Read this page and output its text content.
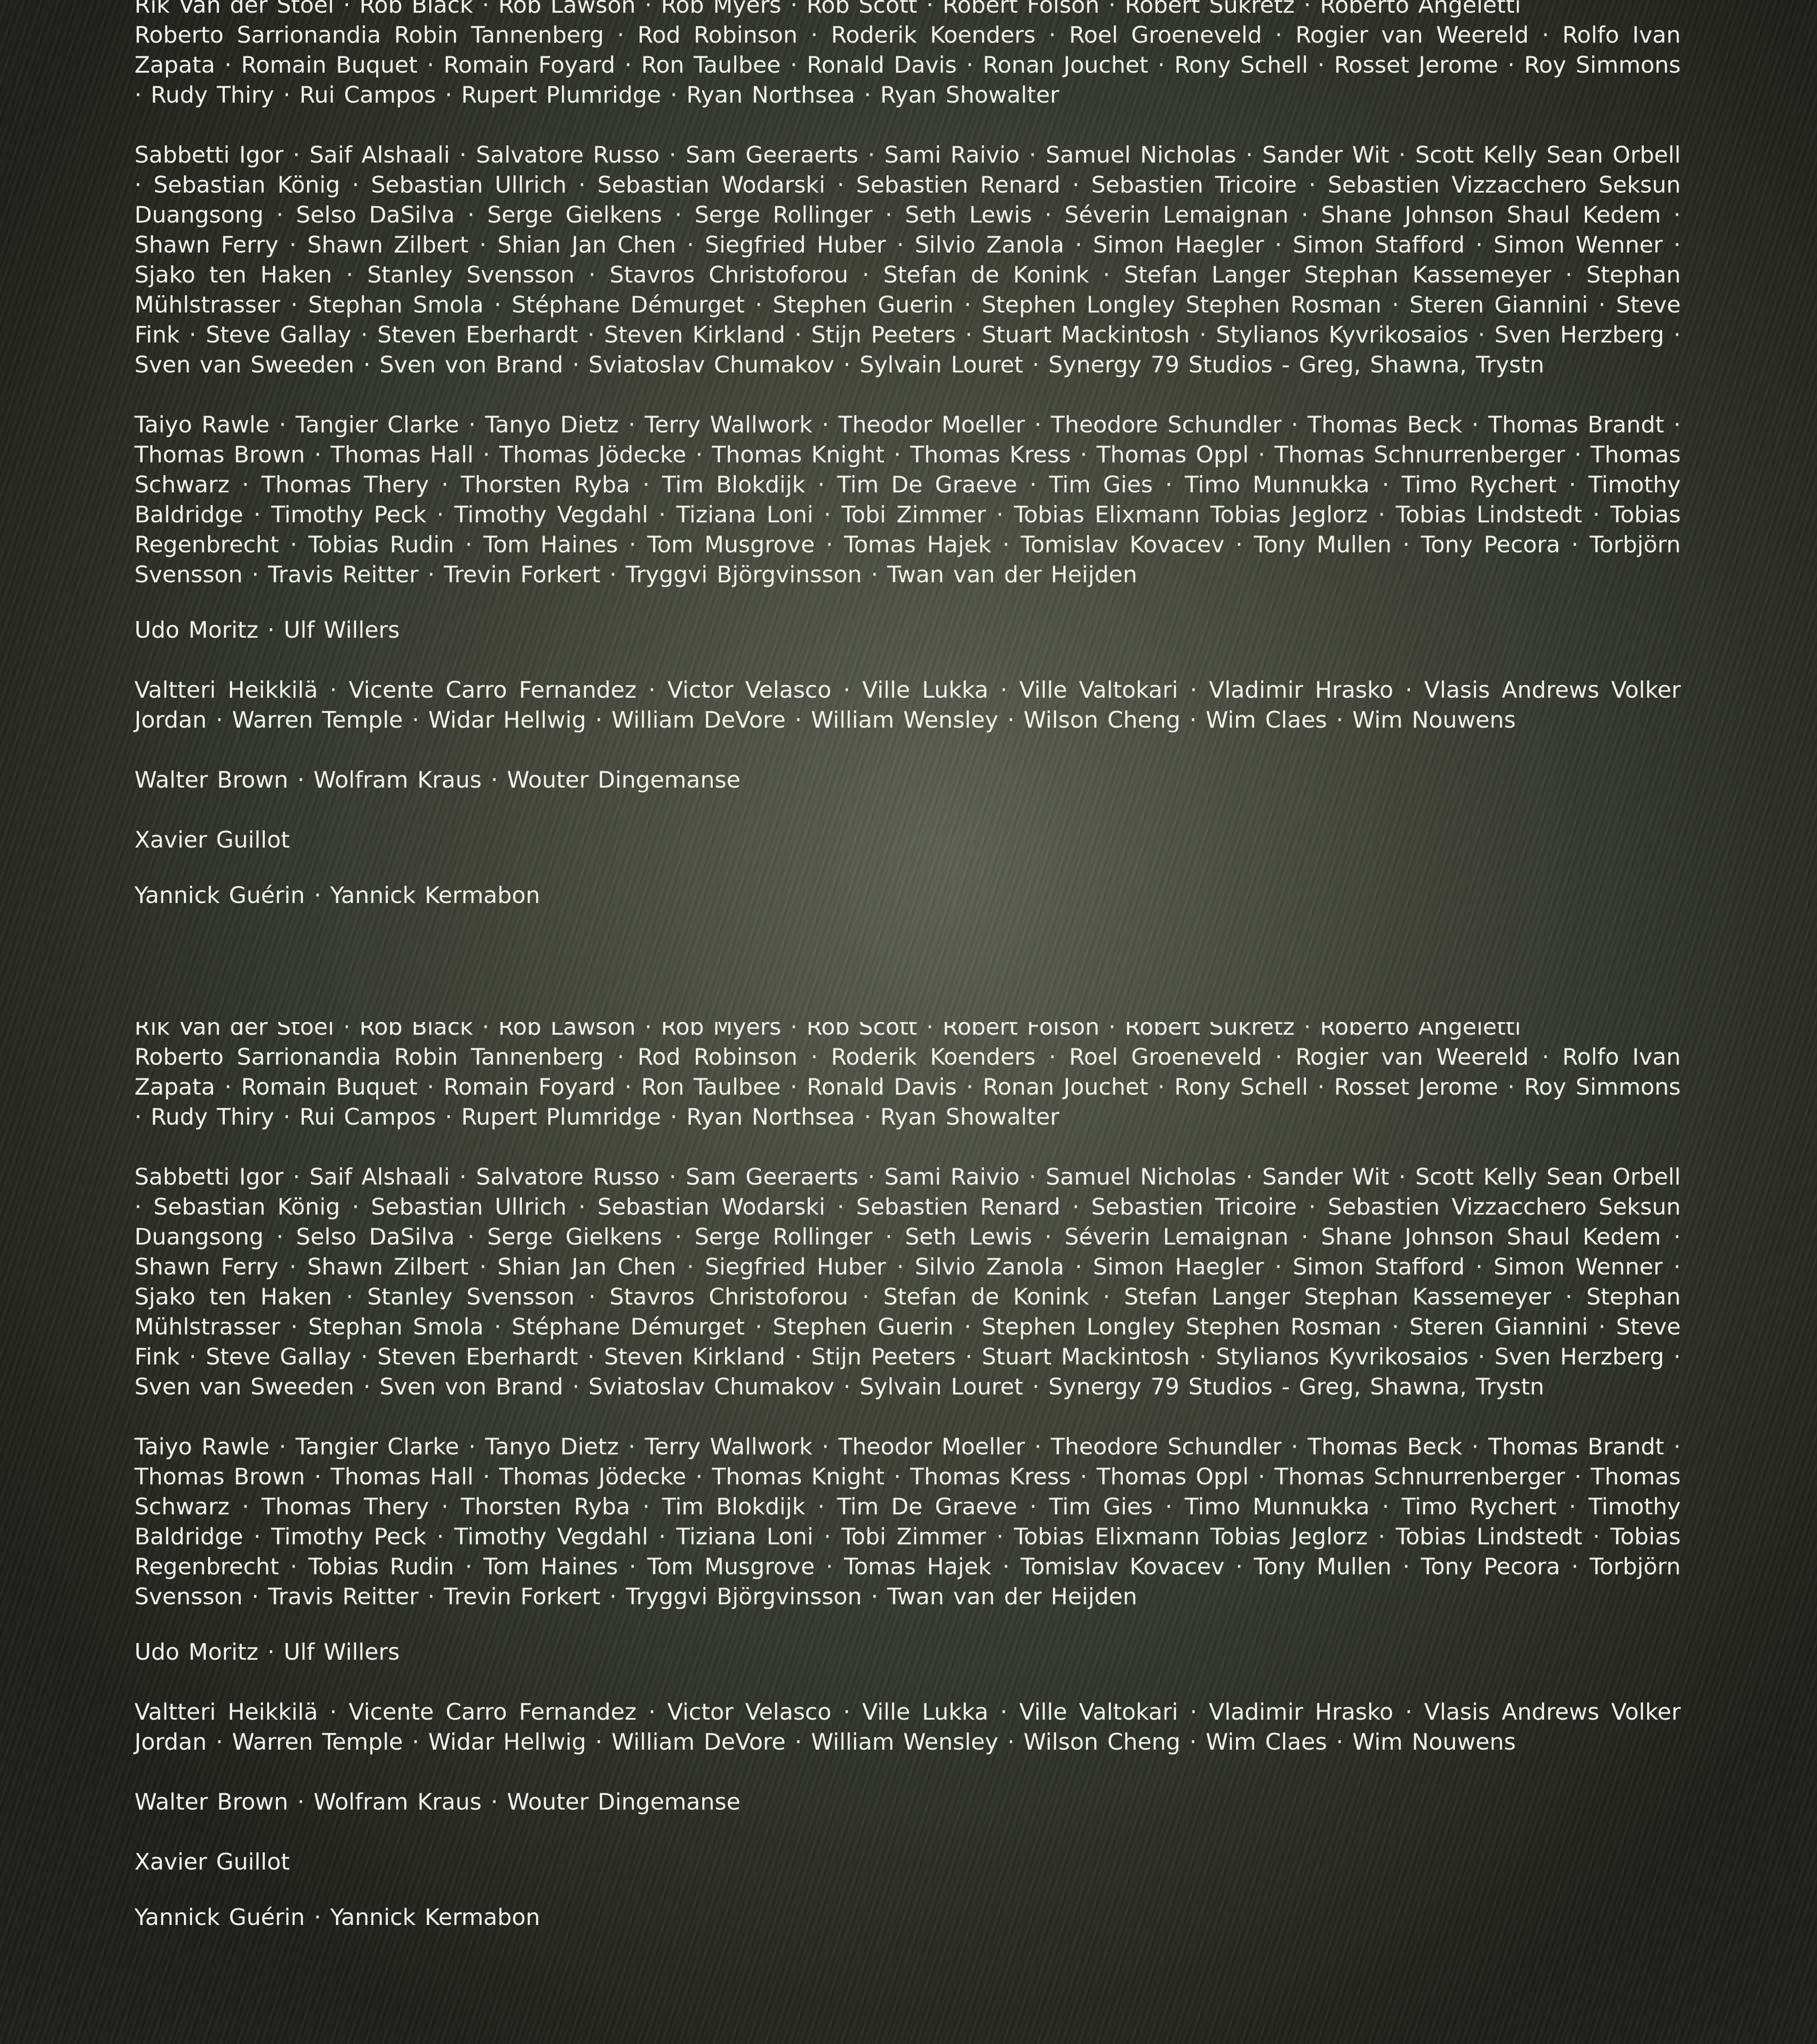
Rik Van der Stoel · Rob Black · Rob Lawson · Rob Myers · Rob Scott · Robert Folson · Robert Sukretz · Roberto Angeletti

Roberto Sarrionandia Robin Tannenberg · Rod Robinson · Roderik Koenders · Roel Groeneveld · Rogier van Weereld · Rolfo Ivan Zapata · Romain Buquet · Romain Foyard · Ron Taulbee · Ronald Davis · Ronan Jouchet · Rony Schell · Rosset Jerome · Roy Simmons · Rudy Thiry · Rui Campos · Rupert Plumridge · Ryan Northsea · Ryan Showalter

Sabbetti Igor · Saif Alshaali · Salvatore Russo · Sam Geeraerts · Sami Raivio · Samuel Nicholas · Sander Wit · Scott Kelly Sean Orbell · Sebastian König · Sebastian Ullrich · Sebastian Wodarski · Sebastien Renard · Sebastien Tricoire · Sebastien Vizzacchero Seksun Duangsong · Selso DaSilva · Serge Gielkens · Serge Rollinger · Seth Lewis · Séverin Lemaignan · Shane Johnson Shaul Kedem · Shawn Ferry · Shawn Zilbert · Shian Jan Chen · Siegfried Huber · Silvio Zanola · Simon Haegler · Simon Stafford · Simon Wenner · Sjako ten Haken · Stanley Svensson · Stavros Christoforou · Stefan de Konink · Stefan Langer Stephan Kassemeyer · Stephan Mühlstrasser · Stephan Smola · Stéphane Démurget · Stephen Guerin · Stephen Longley Stephen Rosman · Steren Giannini · Steve Fink · Steve Gallay · Steven Eberhardt · Steven Kirkland · Stijn Peeters · Stuart Mackintosh · Stylianos Kyvrikosaios · Sven Herzberg · Sven van Sweeden · Sven von Brand · Sviatoslav Chumakov · Sylvain Louret · Synergy 79 Studios - Greg, Shawna, Trystn

Taiyo Rawle · Tangier Clarke · Tanyo Dietz · Terry Wallwork · Theodor Moeller · Theodore Schundler · Thomas Beck · Thomas Brandt · Thomas Brown · Thomas Hall · Thomas Jödecke · Thomas Knight · Thomas Kress · Thomas Oppl · Thomas Schnurrenberger · Thomas Schwarz · Thomas Thery · Thorsten Ryba · Tim Blokdijk · Tim De Graeve · Tim Gies · Timo Munnukka · Timo Rychert · Timothy Baldridge · Timothy Peck · Timothy Vegdahl · Tiziana Loni · Tobi Zimmer · Tobias Elixmann Tobias Jeglorz · Tobias Lindstedt · Tobias Regenbrecht · Tobias Rudin · Tom Haines · Tom Musgrove · Tomas Hajek · Tomislav Kovacev · Tony Mullen · Tony Pecora · Torbjörn Svensson · Travis Reitter · Trevin Forkert · Tryggvi Björgvinsson · Twan van der Heijden

Udo Moritz · Ulf Willers

Valtteri Heikkilä · Vicente Carro Fernandez · Victor Velasco · Ville Lukka · Ville Valtokari · Vladimir Hrasko · Vlasis Andrews Volker Jordan · Warren Temple · Widar Hellwig · William DeVore · William Wensley · Wilson Cheng · Wim Claes · Wim Nouwens

Walter Brown · Wolfram Kraus · Wouter Dingemanse

Xavier Guillot

Yannick Guérin · Yannick Kermabon

Rik Van der Stoel · Rob Black · Rob Lawson · Rob Myers · Rob Scott · Robert Folson · Robert Sukretz · Roberto Angeletti

Roberto Sarrionandia Robin Tannenberg · Rod Robinson · Roderik Koenders · Roel Groeneveld · Rogier van Weereld · Rolfo Ivan Zapata · Romain Buquet · Romain Foyard · Ron Taulbee · Ronald Davis · Ronan Jouchet · Rony Schell · Rosset Jerome · Roy Simmons · Rudy Thiry · Rui Campos · Rupert Plumridge · Ryan Northsea · Ryan Showalter

Sabbetti Igor · Saif Alshaali · Salvatore Russo · Sam Geeraerts · Sami Raivio · Samuel Nicholas · Sander Wit · Scott Kelly Sean Orbell · Sebastian König · Sebastian Ullrich · Sebastian Wodarski · Sebastien Renard · Sebastien Tricoire · Sebastien Vizzacchero Seksun Duangsong · Selso DaSilva · Serge Gielkens · Serge Rollinger · Seth Lewis · Séverin Lemaignan · Shane Johnson Shaul Kedem · Shawn Ferry · Shawn Zilbert · Shian Jan Chen · Siegfried Huber · Silvio Zanola · Simon Haegler · Simon Stafford · Simon Wenner · Sjako ten Haken · Stanley Svensson · Stavros Christoforou · Stefan de Konink · Stefan Langer Stephan Kassemeyer · Stephan Mühlstrasser · Stephan Smola · Stéphane Démurget · Stephen Guerin · Stephen Longley Stephen Rosman · Steren Giannini · Steve Fink · Steve Gallay · Steven Eberhardt · Steven Kirkland · Stijn Peeters · Stuart Mackintosh · Stylianos Kyvrikosaios · Sven Herzberg · Sven van Sweeden · Sven von Brand · Sviatoslav Chumakov · Sylvain Louret · Synergy 79 Studios - Greg, Shawna, Trystn

Taiyo Rawle · Tangier Clarke · Tanyo Dietz · Terry Wallwork · Theodor Moeller · Theodore Schundler · Thomas Beck · Thomas Brandt · Thomas Brown · Thomas Hall · Thomas Jödecke · Thomas Knight · Thomas Kress · Thomas Oppl · Thomas Schnurrenberger · Thomas Schwarz · Thomas Thery · Thorsten Ryba · Tim Blokdijk · Tim De Graeve · Tim Gies · Timo Munnukka · Timo Rychert · Timothy Baldridge · Timothy Peck · Timothy Vegdahl · Tiziana Loni · Tobi Zimmer · Tobias Elixmann Tobias Jeglorz · Tobias Lindstedt · Tobias Regenbrecht · Tobias Rudin · Tom Haines · Tom Musgrove · Tomas Hajek · Tomislav Kovacev · Tony Mullen · Tony Pecora · Torbjörn Svensson · Travis Reitter · Trevin Forkert · Tryggvi Björgvinsson · Twan van der Heijden

Udo Moritz · Ulf Willers

Valtteri Heikkilä · Vicente Carro Fernandez · Victor Velasco · Ville Lukka · Ville Valtokari · Vladimir Hrasko · Vlasis Andrews Volker Jordan · Warren Temple · Widar Hellwig · William DeVore · William Wensley · Wilson Cheng · Wim Claes · Wim Nouwens

Walter Brown · Wolfram Kraus · Wouter Dingemanse

Xavier Guillot

Yannick Guérin · Yannick Kermabon
